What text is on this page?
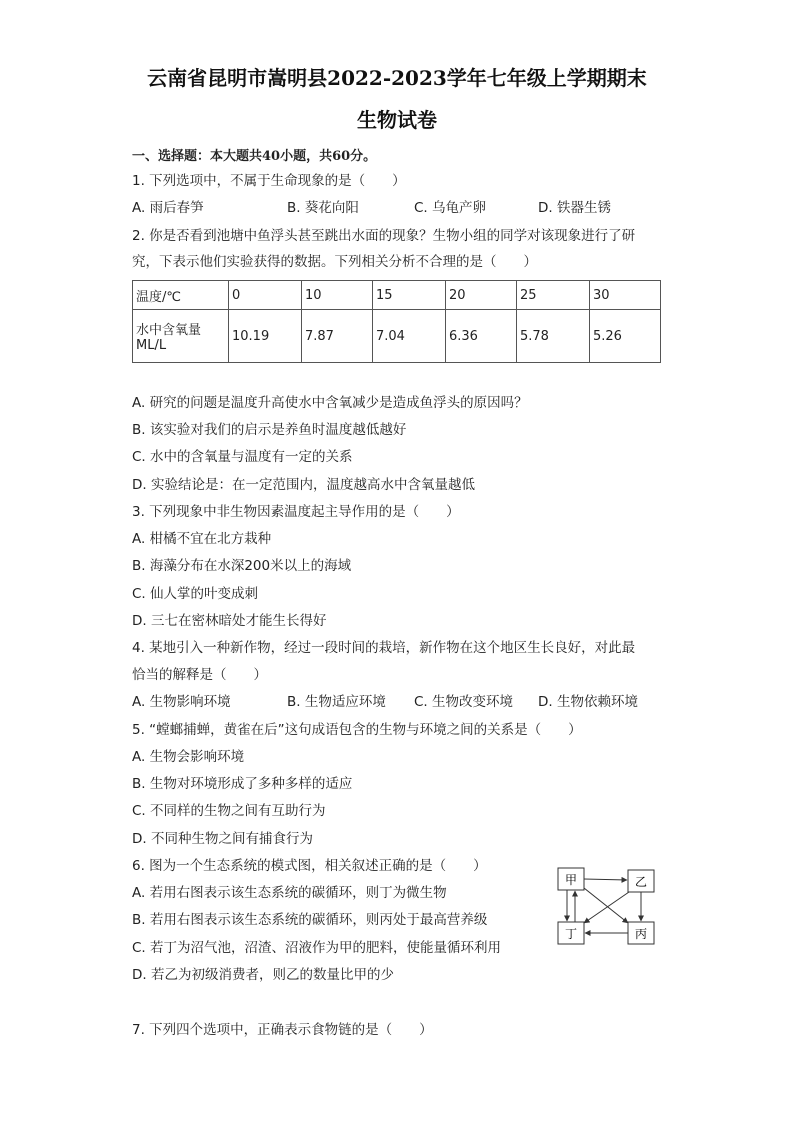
云南省昆明市嵩明县2022-2023学年七年级上学期期末
生物试卷
一、选择题：本大题共40小题，共60分。
1. 下列选项中，不属于生命现象的是（　　）
A. 雨后春笋	B. 葵花向阳	C. 乌龟产卵	D. 铁器生锈
2. 你是否看到池塘中鱼浮头甚至跳出水面的现象？生物小组的同学对该现象进行了研
究，下表示他们实验获得的数据。下列相关分析不合理的是（　　）
温度/℃	0	10	15	20	25	30

水中含氧量
ML/L	10.19	7.87	7.04	6.36	5.78	5.26
A. 研究的问题是温度升高使水中含氧减少是造成鱼浮头的原因吗？
B. 该实验对我们的启示是养鱼时温度越低越好
C. 水中的含氧量与温度有一定的关系
D. 实验结论是：在一定范围内，温度越高水中含氧量越低
3. 下列现象中非生物因素温度起主导作用的是（　　）
A. 柑橘不宜在北方栽种
B. 海藻分布在水深200米以上的海域
C. 仙人掌的叶变成刺
D. 三七在密林暗处才能生长得好
4. 某地引入一种新作物，经过一段时间的栽培，新作物在这个地区生长良好，对此最
恰当的解释是（　　）
A. 生物影响环境	B. 生物适应环境 C. 生物改变环境 D. 生物依赖环境
5. “螳螂捕蝉，黄雀在后”这句成语包含的生物与环境之间的关系是（　　）
A. 生物会影响环境
B. 生物对环境形成了多种多样的适应
C. 不同样的生物之间有互助行为
D. 不同种生物之间有捕食行为
6. 图为一个生态系统的模式图，相关叙述正确的是（　　）
A. 若用右图表示该生态系统的碳循环，则丁为微生物
B. 若用右图表示该生态系统的碳循环，则丙处于最高营养级
C. 若丁为沼气池，沼渣、沼液作为甲的肥料，使能量循环利用
D. 若乙为初级消费者，则乙的数量比甲的少
甲	乙
丁	丙
7. 下列四个选项中，正确表示食物链的是（　　）
